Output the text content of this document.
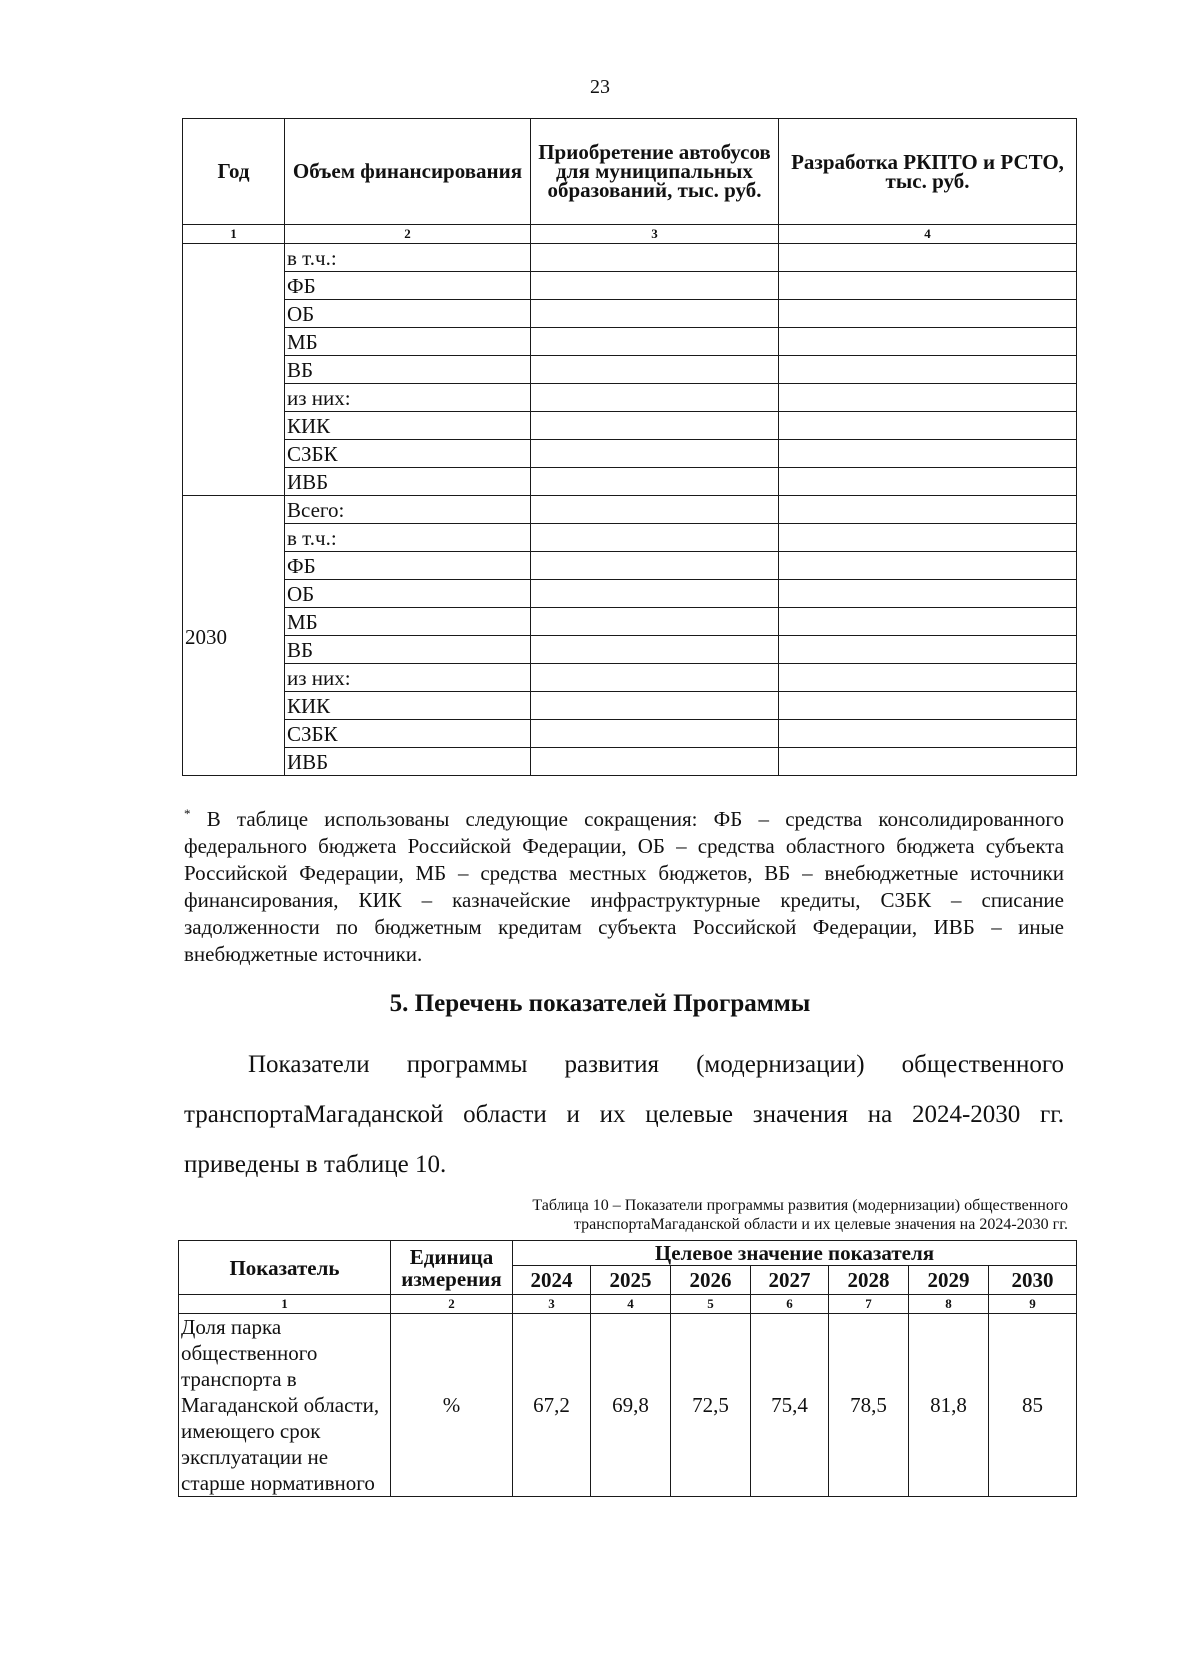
23
Год	Объем финансирования	Приобретение автобусов для муниципальных образований, тыс. руб.	Разработка РКПТО и РСТО, тыс. руб.
1	2	3	4
	в т.ч.:		
	ФБ		
	ОБ		
	МБ		
	ВБ		
	из них:		
	КИК		
	СЗБК		
	ИВБ		
2030	Всего:		
	в т.ч.:		
	ФБ		
	ОБ		
	МБ		
	ВБ		
	из них:		
	КИК		
	СЗБК		
	ИВБ		
* В таблице использованы следующие сокращения: ФБ – средства консолидированного федерального бюджета Российской Федерации, ОБ – средства областного бюджета субъекта Российской Федерации, МБ – средства местных бюджетов, ВБ – внебюджетные источники финансирования, КИК – казначейские инфраструктурные кредиты, СЗБК – списание задолженности по бюджетным кредитам субъекта Российской Федерации, ИВБ – иные внебюджетные источники.
5. Перечень показателей Программы
Показатели программы развития (модернизации) общественного транспортаМагаданской области и их целевые значения на 2024-2030 гг. приведены в таблице 10.
Таблица 10 – Показатели программы развития (модернизации) общественного транспортаМагаданской области и их целевые значения на 2024-2030 гг.
Показатель	Единица измерения	Целевое значение показателя						
		2024	2025	2026	2027	2028	2029	2030
1	2	3	4	5	6	7	8	9
Доля парка общественного транспорта в Магаданской области, имеющего срок эксплуатации не старше нормативного	%	67,2	69,8	72,5	75,4	78,5	81,8	85
